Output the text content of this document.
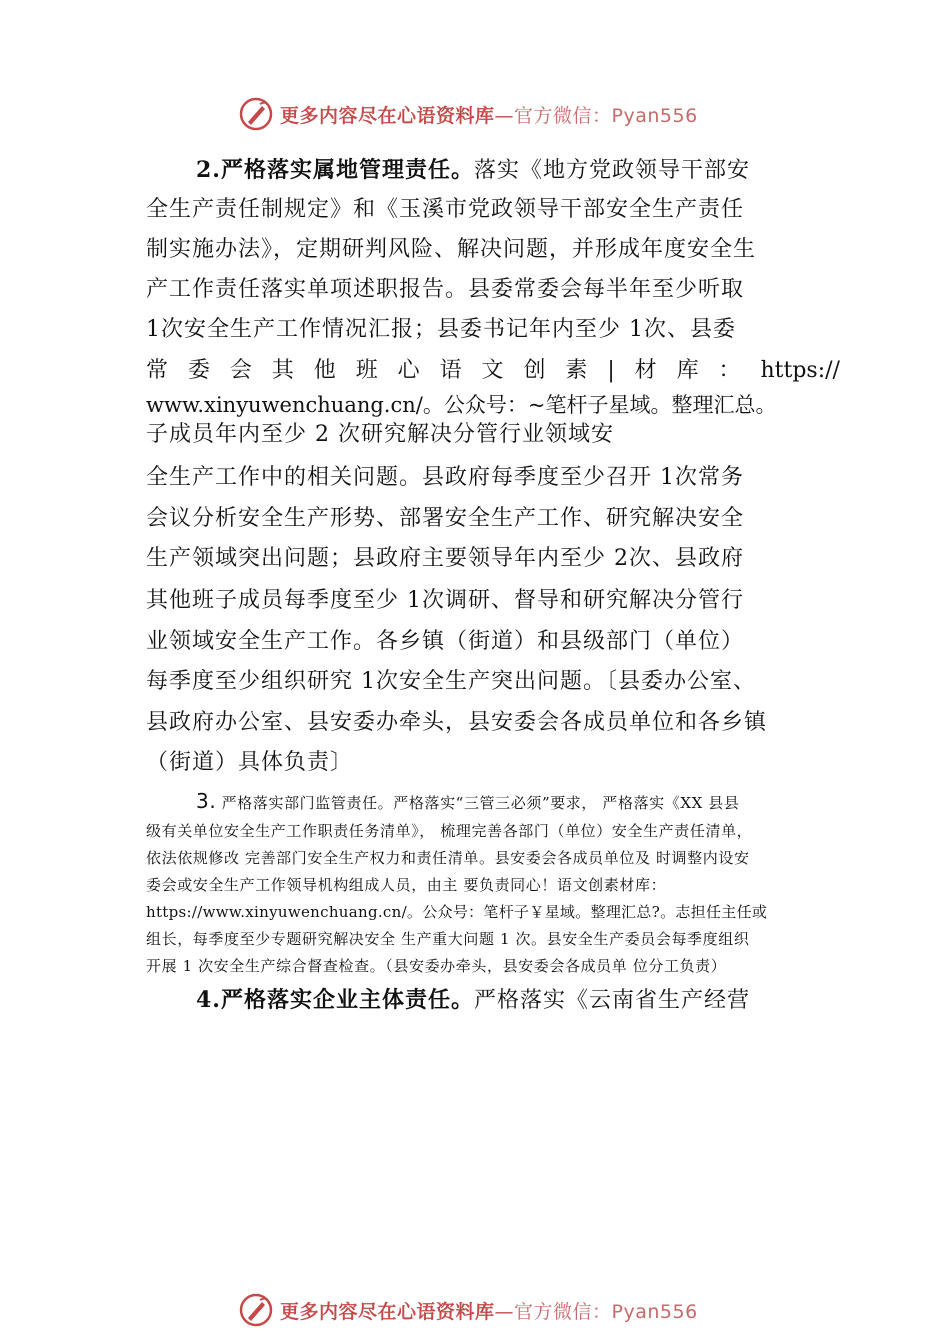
更多内容尽在心语资料库—官方微信：Pyan556
2.严格落实属地管理责任。落实《地方党政领导干部安
全生产责任制规定》和《玉溪市党政领导干部安全生产责任
制实施办法》，定期研判风险、解决问题，并形成年度安全生
产工作责任落实单项述职报告。县委常委会每半年至少听取
1次安全生产工作情况汇报；县委书记年内至少 1次、县委
常 委 会 其 他 班 心 语 文 创 素 | 材 库 ： https://
www.xinyuwenchuang.cn/。公众号：~笔杆子星域。整理汇总。
子成员年内至少 2 次研究解决分管行业领域安
全生产工作中的相关问题。县政府每季度至少召开 1次常务
会议分析安全生产形势、部署安全生产工作、研究解决安全
生产领域突出问题；县政府主要领导年内至少 2次、县政府
其他班子成员每季度至少 1次调研、督导和研究解决分管行
业领域安全生产工作。各乡镇（街道）和县级部门（单位）
每季度至少组织研究 1次安全生产突出问题。〔县委办公室、
县政府办公室、县安委办牵头，县安委会各成员单位和各乡镇
（街道）具体负责〕
3. 严格落实部门监管责任。严格落实“三管三必须”要求， 严格落实《XX 县县
级有关单位安全生产工作职责任务清单》， 梳理完善各部门（单位）安全生产责任清单，
依法依规修改 完善部门安全生产权力和责任清单。县安委会各成员单位及 时调整内设安
委会或安全生产工作领导机构组成人员，由主 要负责同心！语文创素材库：
https://www.xinyuwenchuang.cn/。公众号：笔杆子￥星域。整理汇总?。志担任主任或
组长，每季度至少专题研究解决安全 生产重大问题 1 次。县安全生产委员会每季度组织
开展 1 次安全生产综合督查检查。（县安委办牵头，县安委会各成员单 位分工负责）
4.严格落实企业主体责任。严格落实《云南省生产经营
更多内容尽在心语资料库—官方微信：Pyan556
